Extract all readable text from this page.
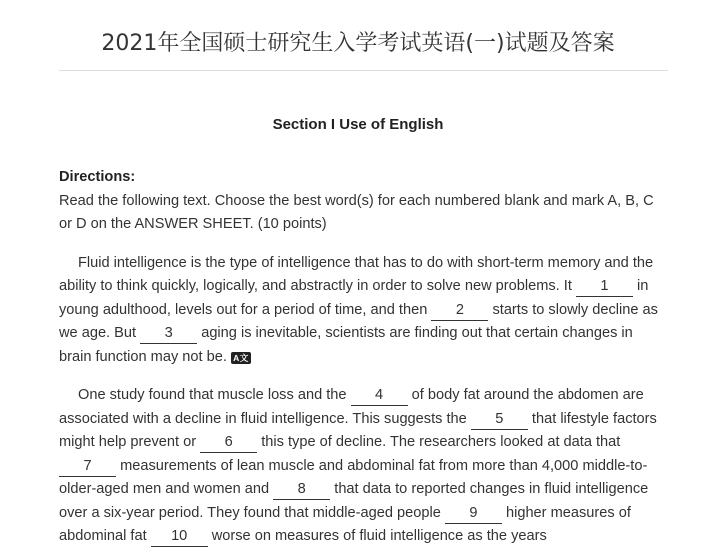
2021年全国硕士研究生入学考试英语(一)试题及答案
Section I Use of English
Directions:

Read the following text. Choose the best word(s) for each numbered blank and mark A, B, C or D on the ANSWER SHEET. (10 points)

Fluid intelligence is the type of intelligence that has to do with short-term memory and the ability to think quickly, logically, and abstractly in order to solve new problems. It 1 in young adulthood, levels out for a period of time, and then 2 starts to slowly decline as we age. But 3 aging is inevitable, scientists are finding out that certain changes in brain function may not be. A文

One study found that muscle loss and the 4 of body fat around the abdomen are associated with a decline in fluid intelligence. This suggests the 5 that lifestyle factors might help prevent or 6 this type of decline. The researchers looked at data that 7 measurements of lean muscle and abdominal fat from more than 4,000 middle-to-older-aged men and women and 8 that data to reported changes in fluid intelligence over a six-year period. They found that middle-aged people 9 higher measures of abdominal fat 10 worse on measures of fluid intelligence as the years
